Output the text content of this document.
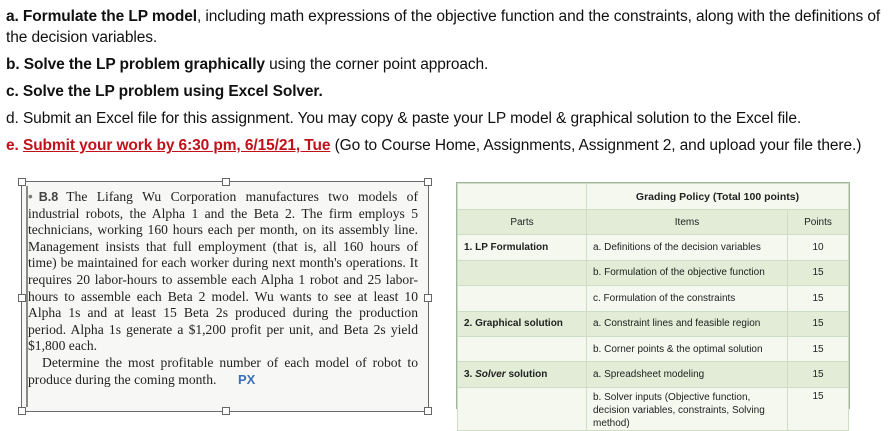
a. Formulate the LP model, including math expressions of the objective function and the constraints, along with the definitions of the decision variables.
b. Solve the LP problem graphically using the corner point approach.
c. Solve the LP problem using Excel Solver.
d. Submit an Excel file for this assignment. You may copy & paste your LP model & graphical solution to the Excel file.
e. Submit your work by 6:30 pm, 6/15/21, Tue (Go to Course Home, Assignments, Assignment 2, and upload your file there.)
• B.8 The Lifang Wu Corporation manufactures two models of industrial robots, the Alpha 1 and the Beta 2. The firm employs 5 technicians, working 160 hours each per month, on its assembly line. Management insists that full employment (that is, all 160 hours of time) be maintained for each worker during next month's operations. It requires 20 labor-hours to assemble each Alpha 1 robot and 25 labor-hours to assemble each Beta 2 model. Wu wants to see at least 10 Alpha 1s and at least 15 Beta 2s produced during the production period. Alpha 1s generate a $1,200 profit per unit, and Beta 2s yield $1,800 each.
Determine the most profitable number of each model of robot to produce during the coming month. PX
	Grading Policy (Total 100 points)	
Parts	Items	Points
1. LP Formulation	a. Definitions of the decision variables	10
	b. Formulation of the objective function	15
	c. Formulation of the constraints	15
2. Graphical solution	a. Constraint lines and feasible region	15
	b. Corner points & the optimal solution	15
3. Solver solution	a. Spreadsheet modeling	15
	b. Solver inputs (Objective function, decision variables, constraints, Solving method)	15
